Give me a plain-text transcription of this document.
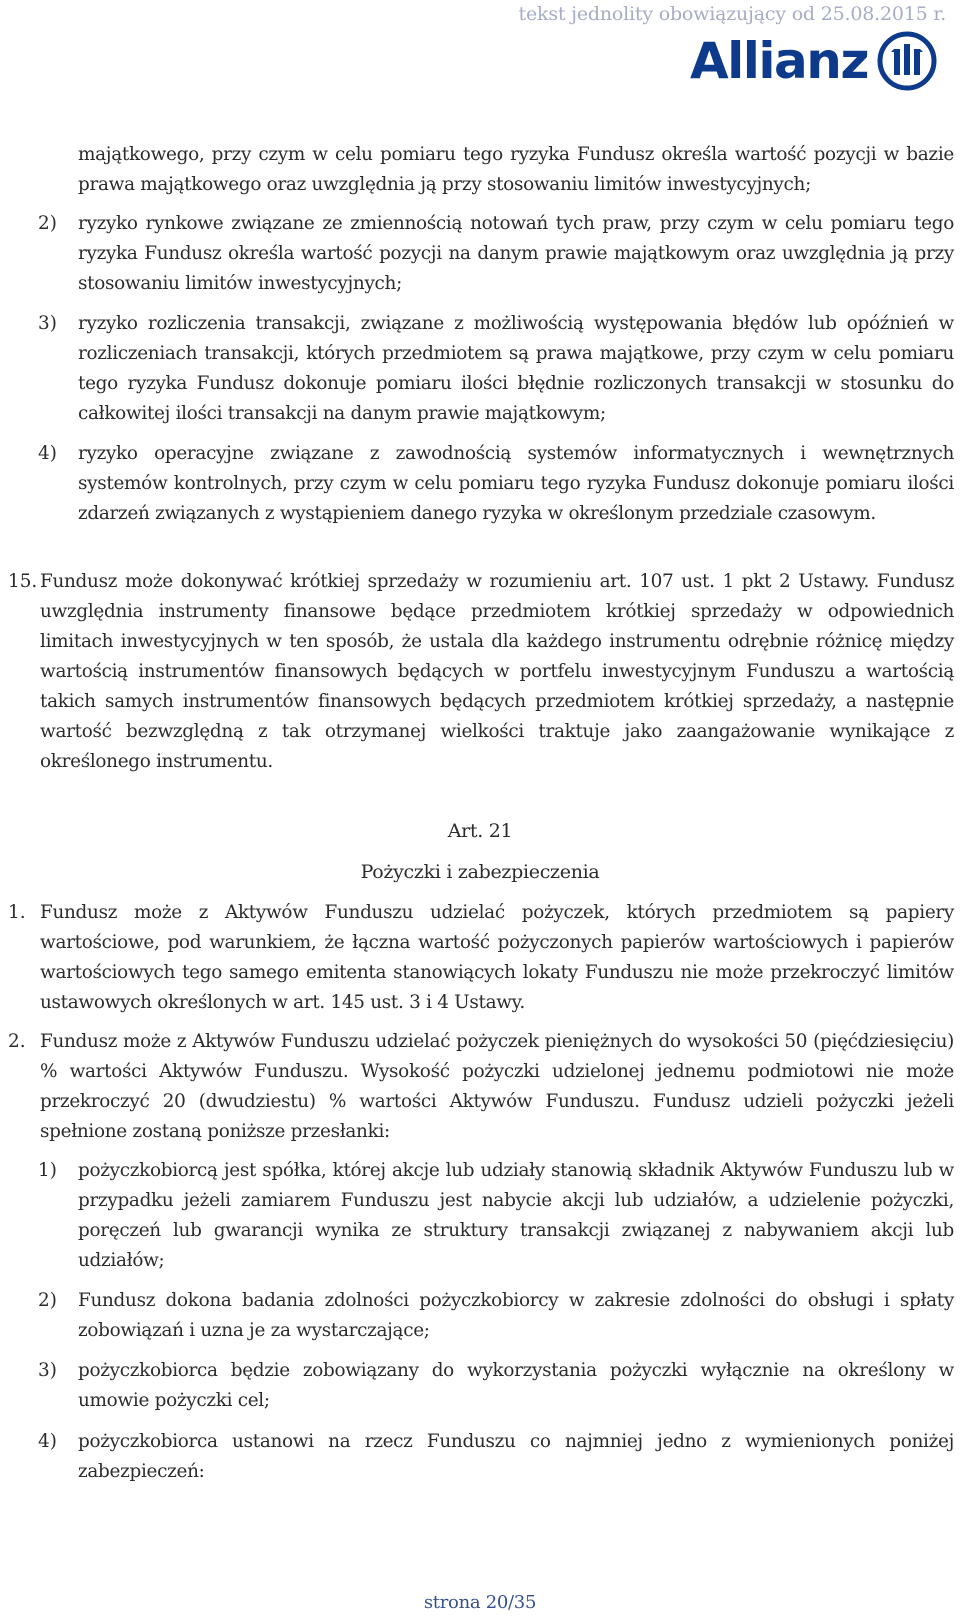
tekst jednolity obowiązujący od 25.08.2015 r.
Allianz
majątkowego, przy czym w celu pomiaru tego ryzyka Fundusz określa wartość pozycji w bazie prawa majątkowego oraz uwzględnia ją przy stosowaniu limitów inwestycyjnych;
2) ryzyko rynkowe związane ze zmiennością notowań tych praw, przy czym w celu pomiaru tego ryzyka Fundusz określa wartość pozycji na danym prawie majątkowym oraz uwzględnia ją przy stosowaniu limitów inwestycyjnych;
3) ryzyko rozliczenia transakcji, związane z możliwością występowania błędów lub opóźnień w rozliczeniach transakcji, których przedmiotem są prawa majątkowe, przy czym w celu pomiaru tego ryzyka Fundusz dokonuje pomiaru ilości błędnie rozliczonych transakcji w stosunku do całkowitej ilości transakcji na danym prawie majątkowym;
4) ryzyko operacyjne związane z zawodnością systemów informatycznych i wewnętrznych systemów kontrolnych, przy czym w celu pomiaru tego ryzyka Fundusz dokonuje pomiaru ilości zdarzeń związanych z wystąpieniem danego ryzyka w określonym przedziale czasowym.
15. Fundusz może dokonywać krótkiej sprzedaży w rozumieniu art. 107 ust. 1 pkt 2 Ustawy. Fundusz uwzględnia instrumenty finansowe będące przedmiotem krótkiej sprzedaży w odpowiednich limitach inwestycyjnych w ten sposób, że ustala dla każdego instrumentu odrębnie różnicę między wartością instrumentów finansowych będących w portfelu inwestycyjnym Funduszu a wartością takich samych instrumentów finansowych będących przedmiotem krótkiej sprzedaży, a następnie wartość bezwzględną z tak otrzymanej wielkości traktuje jako zaangażowanie wynikające z określonego instrumentu.
Art. 21
Pożyczki i zabezpieczenia
1. Fundusz może z Aktywów Funduszu udzielać pożyczek, których przedmiotem są papiery wartościowe, pod warunkiem, że łączna wartość pożyczonych papierów wartościowych i papierów wartościowych tego samego emitenta stanowiących lokaty Funduszu nie może przekroczyć limitów ustawowych określonych w art. 145 ust. 3 i 4 Ustawy.
2. Fundusz może z Aktywów Funduszu udzielać pożyczek pieniężnych do wysokości 50 (pięćdziesięciu) % wartości Aktywów Funduszu. Wysokość pożyczki udzielonej jednemu podmiotowi nie może przekroczyć 20 (dwudziestu) % wartości Aktywów Funduszu. Fundusz udzieli pożyczki jeżeli spełnione zostaną poniższe przesłanki:
1) pożyczkobiorcą jest spółka, której akcje lub udziały stanowią składnik Aktywów Funduszu lub w przypadku jeżeli zamiarem Funduszu jest nabycie akcji lub udziałów, a udzielenie pożyczki, poręczeń lub gwarancji wynika ze struktury transakcji związanej z nabywaniem akcji lub udziałów;
2) Fundusz dokona badania zdolności pożyczkobiorcy w zakresie zdolności do obsługi i spłaty zobowiązań i uzna je za wystarczające;
3) pożyczkobiorca będzie zobowiązany do wykorzystania pożyczki wyłącznie na określony w umowie pożyczki cel;
4) pożyczkobiorca ustanowi na rzecz Funduszu co najmniej jedno z wymienionych poniżej zabezpieczeń:
strona 20/35
